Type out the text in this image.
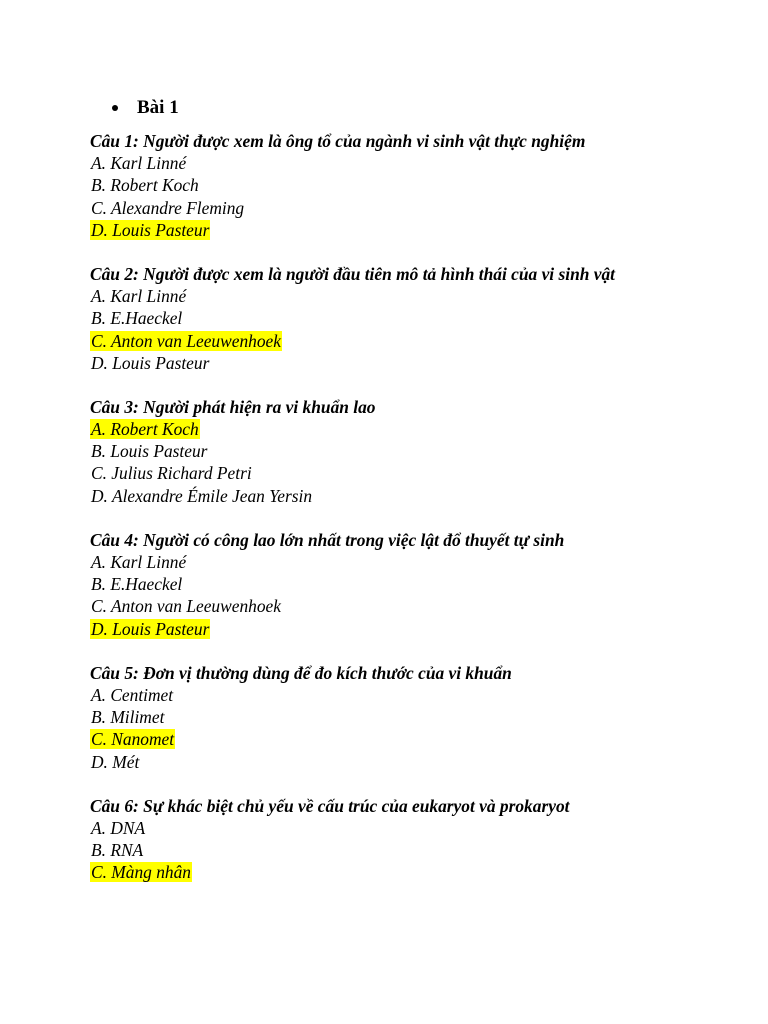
Bài 1
Câu 1: Người được xem là ông tổ của ngành vi sinh vật thực nghiệm
A. Karl Linné
B. Robert Koch
C. Alexandre Fleming
D. Louis Pasteur
Câu 2: Người được xem là người đầu tiên mô tả hình thái của vi sinh vật
A. Karl Linné
B. E.Haeckel
C. Anton van Leeuwenhoek
D. Louis Pasteur
Câu 3: Người phát hiện ra vi khuẩn lao
A. Robert Koch
B. Louis Pasteur
C. Julius Richard Petri
D. Alexandre Émile Jean Yersin
Câu 4: Người có công lao lớn nhất trong việc lật đổ thuyết tự sinh
A. Karl Linné
B. E.Haeckel
C. Anton van Leeuwenhoek
D. Louis Pasteur
Câu 5: Đơn vị thường dùng để đo kích thước của vi khuẩn
A. Centimet
B. Milimet
C. Nanomet
D. Mét
Câu 6: Sự khác biệt chủ yếu về cấu trúc của eukaryot và prokaryot
A. DNA
B. RNA
C. Màng nhân
